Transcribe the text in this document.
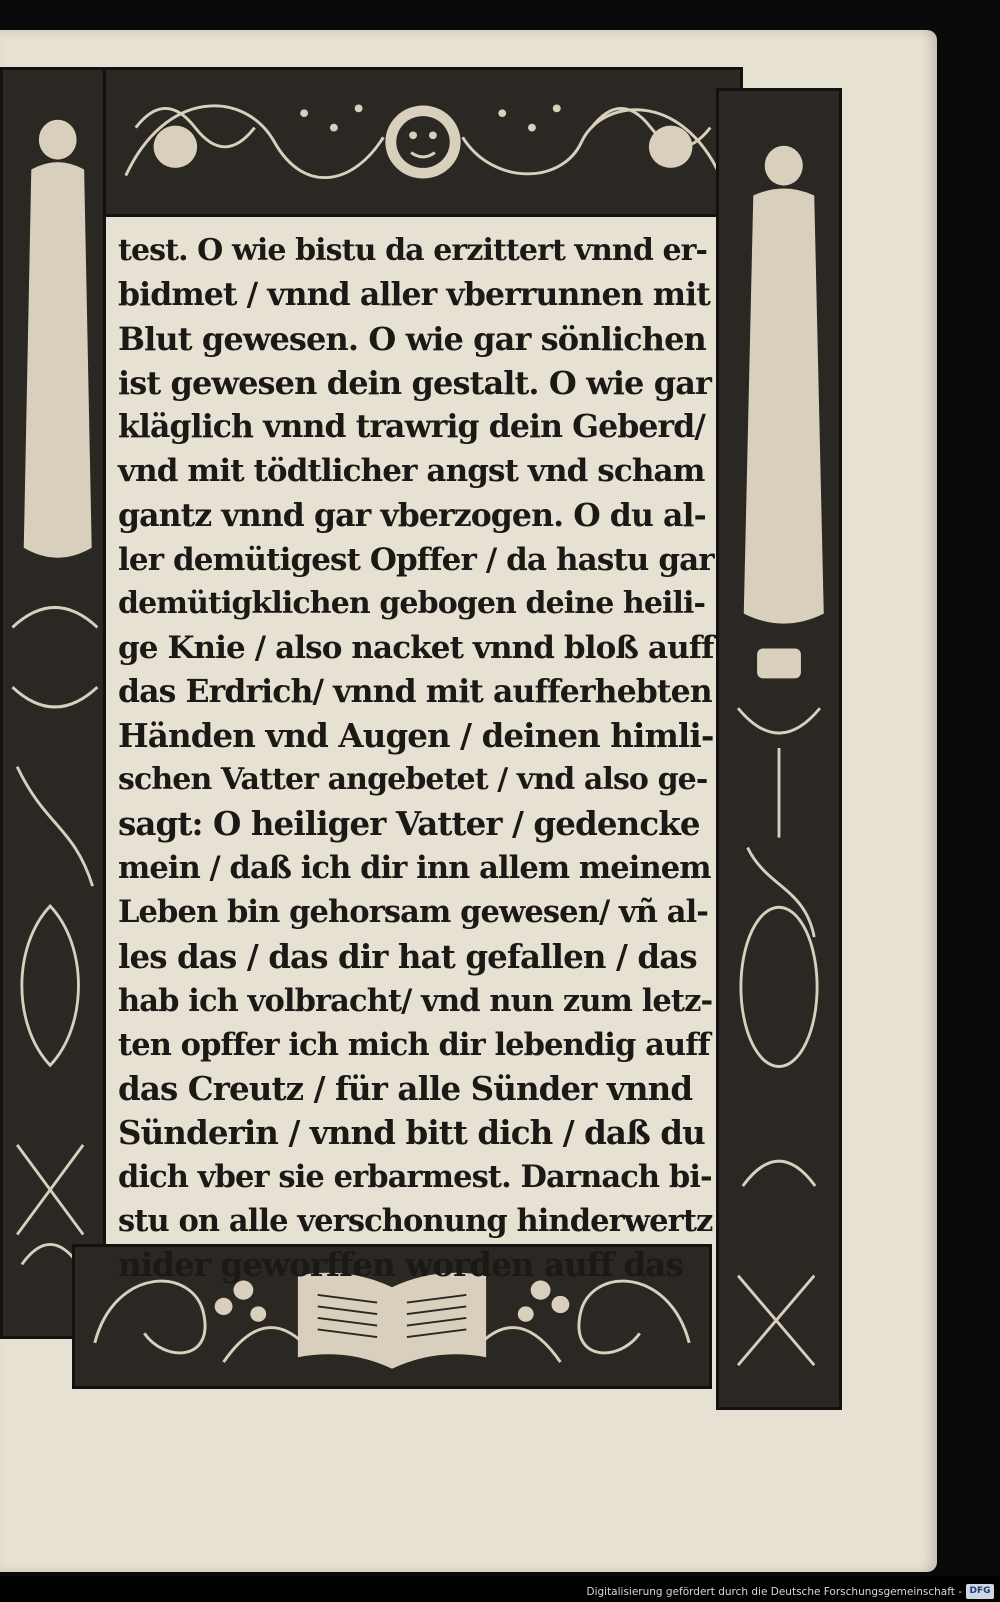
test. O wie bistu da erzittert vnnd er-
bidmet / vnnd aller vberrunnen mit
Blut gewesen. O wie gar sönlichen
ist gewesen dein gestalt. O wie gar
kläglich vnnd trawrig dein Geberd/
vnd mit tödtlicher angst vnd scham
gantz vnnd gar vberzogen. O du al-
ler demütigest Opffer / da hastu gar
demütigklichen gebogen deine heili-
ge Knie / also nacket vnnd bloß auff
das Erdrich/ vnnd mit aufferhebten
Händen vnd Augen / deinen himli-
schen Vatter angebetet / vnd also ge-
sagt: O heiliger Vatter / gedencke
mein / daß ich dir inn allem meinem
Leben bin gehorsam gewesen/ vñ al-
les das / das dir hat gefallen / das
hab ich volbracht/ vnd nun zum letz-
ten opffer ich mich dir lebendig auff
das Creutz / für alle Sünder vnnd
Sünderin / vnnd bitt dich / daß du
dich vber sie erbarmest. Darnach bi-
stu on alle verschonung hinderwertz
nider geworffen worden auff das
Digitalisierung gefördert durch die Deutsche Forschungsgemeinschaft - DFG
